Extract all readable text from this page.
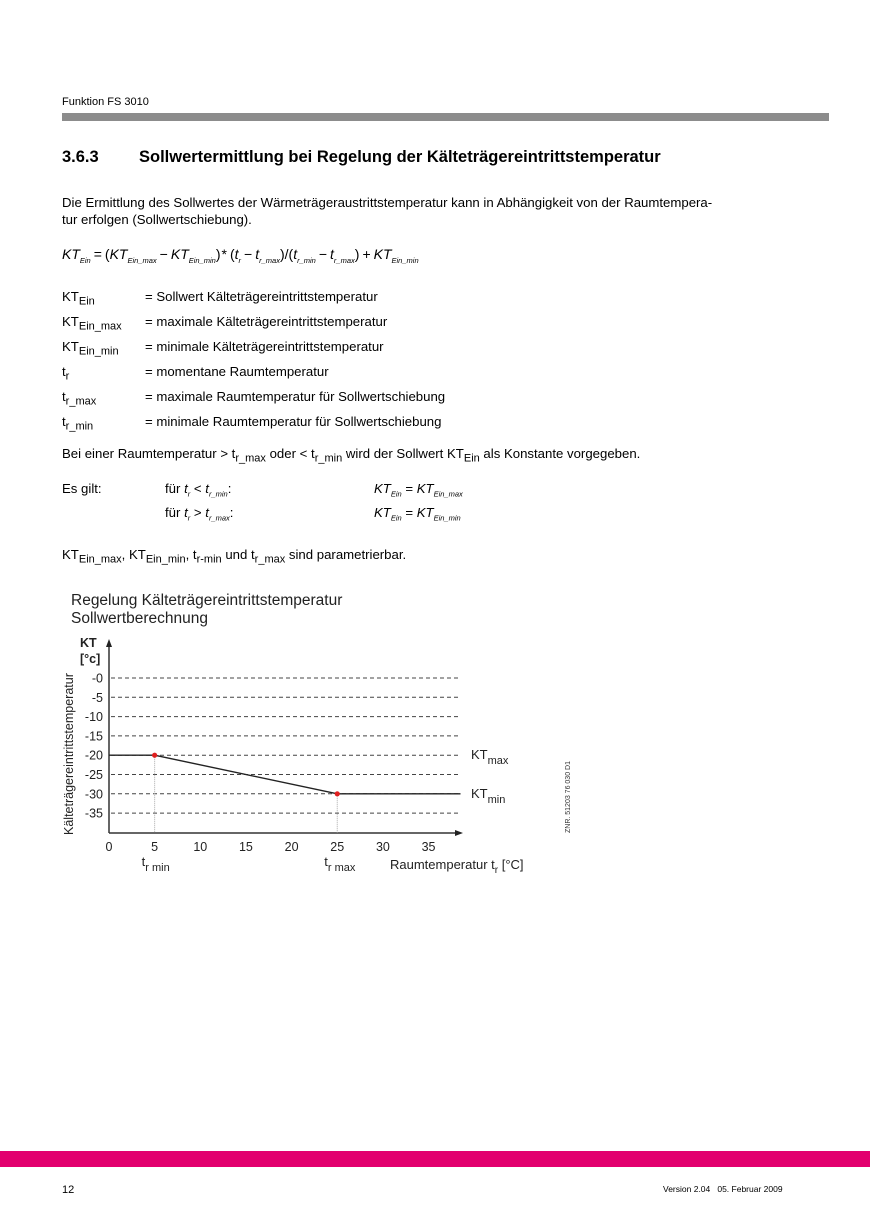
Funktion FS 3010
3.6.3 Sollwertermittlung bei Regelung der Kälteträgereintrittstemperatur
Die Ermittlung des Sollwertes der Wärmeträgeraustrittstemperatur kann in Abhängigkeit von der Raumtempera-
tur erfolgen (Sollwertschiebung).
$KT_{Ein} = (KT_{Ein\_max} - KT_{Ein\_min})*$ $(t_r - t_{r\_max})/(t_{r\_min} - t_{r\_max}) + KT_{Ein\_min}$
$KT_{Ein}$	= Sollwert Kälteträgereintrittstemperatur
$KT_{Ein\_max}$ = maximale Kälteträgereintrittstemperatur
$KT_{Ein\_min}$ = minimale Kälteträgereintrittstemperatur
$t_r$	= momentane Raumtemperatur
$t_{r\_max}$	= maximale Raumtemperatur für Sollwertschiebung
$t_{r\_min}$	= minimale Raumtemperatur für Sollwertschiebung
Bei einer Raumtemperatur > $t_{r\_max}$ oder < $t_{r\_min}$ wird der Sollwert $KT_{Ein}$ als Konstante vorgegeben.
Es gilt:	für $t_r < t_{r\_min}$:	$KT_{Ein} = KT_{Ein\_max}$
für $t_r > t_{r\_max}$:	$KT_{Ein} = KT_{Ein\_min}$
$KT_{Ein\_max}$, $KT_{Ein\_min}$, $t_{r-min}$ und $t_{r\_max}$ sind parametrierbar.
Regelung Kälteträgereintrittstemperatur
Sollwertberechnung
-0
-5
-10
-15
-20
-25
-30
-35
0	5	10	15	20	25	30	35
KT
[°c]
Kälteträgereintrittstemperatur	$KT_{max}$
$KT_{min}$
$t_{r min}$	$t_{r max}$	Raumtemperatur $t_r$ [°C]
ZNR. 51203 76 030 D1
12	Version 2.04   05. Februar 2009
